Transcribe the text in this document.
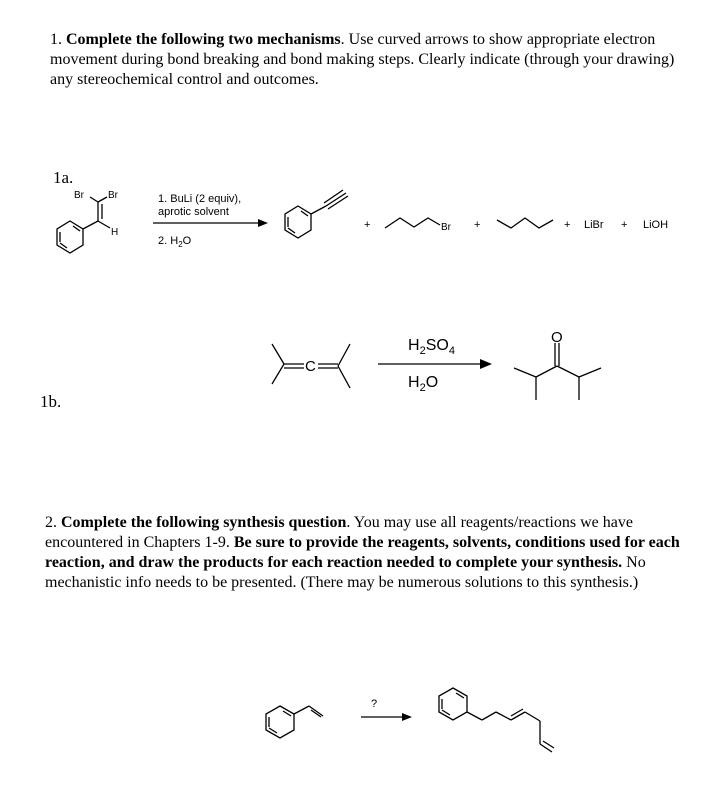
1. Complete the following two mechanisms. Use curved arrows to show appropriate electron movement during bond breaking and bond making steps. Clearly indicate (through your drawing) any stereochemical control and outcomes.
1a.
1b.
2. Complete the following synthesis question. You may use all reagents/reactions we have encountered in Chapters 1-9. Be sure to provide the reagents, solvents, conditions used for each reaction, and draw the products for each reaction needed to complete your synthesis. No mechanistic info needs to be presented. (There may be numerous solutions to this synthesis.)
Br Br
H
1. BuLi (2 equiv),
aprotic solvent
2. $H_2O$
+	Br +	+ LiBr + LiOH
C
$H_2SO_4$
$H_2O$
O
?
